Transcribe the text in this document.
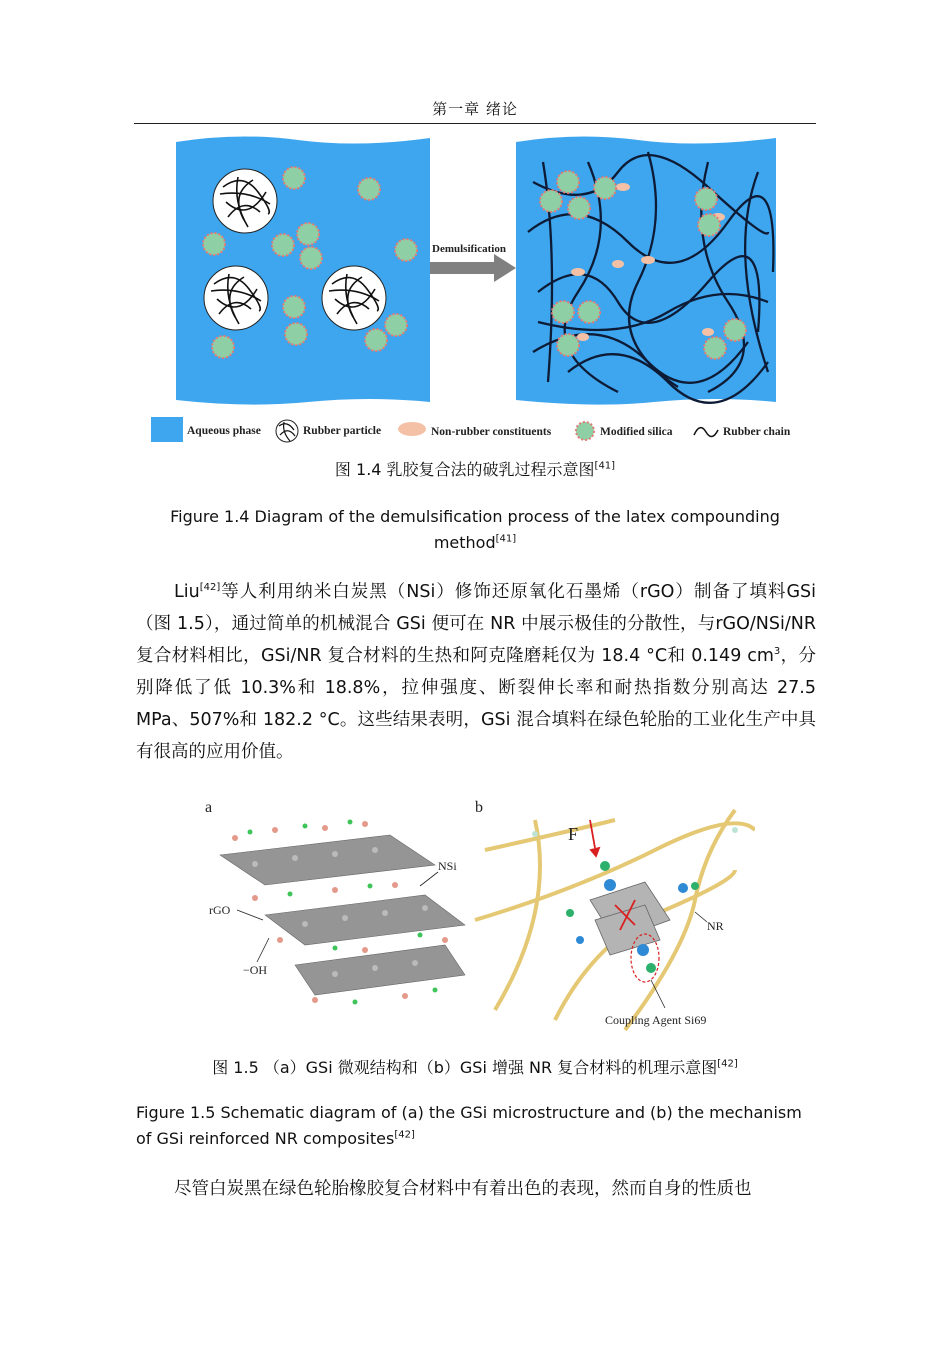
第一章 绪论
Demulsification
Aqueous phase	Rubber particle	Non-rubber constituents	Modified silica	Rubber chain
图 1.4 乳胶复合法的破乳过程示意图[41]
Figure 1.4 Diagram of the demulsification process of the latex compounding method[41]
Liu[42]等人利用纳米白炭黑（NSi）修饰还原氧化石墨烯（rGO）制备了填料GSi（图 1.5），通过简单的机械混合 GSi 便可在 NR 中展示极佳的分散性，与rGO/NSi/NR 复合材料相比，GSi/NR 复合材料的生热和阿克隆磨耗仅为 18.4 °C和 0.149 $cm^3$，分别降低了低 10.3%和 18.8%，拉伸强度、断裂伸长率和耐热指数分别高达 27.5 MPa、507%和 182.2 °C。这些结果表明，GSi 混合填料在绿色轮胎的工业化生产中具有很高的应用价值。
a
NSi
rGO
−OH
b
F
NR
Coupling Agent Si69
图 1.5 （a）GSi 微观结构和（b）GSi 增强 NR 复合材料的机理示意图[42]
Figure 1.5 Schematic diagram of (a) the GSi microstructure and (b) the mechanism of GSi reinforced NR composites[42]
尽管白炭黑在绿色轮胎橡胶复合材料中有着出色的表现，然而自身的性质也
